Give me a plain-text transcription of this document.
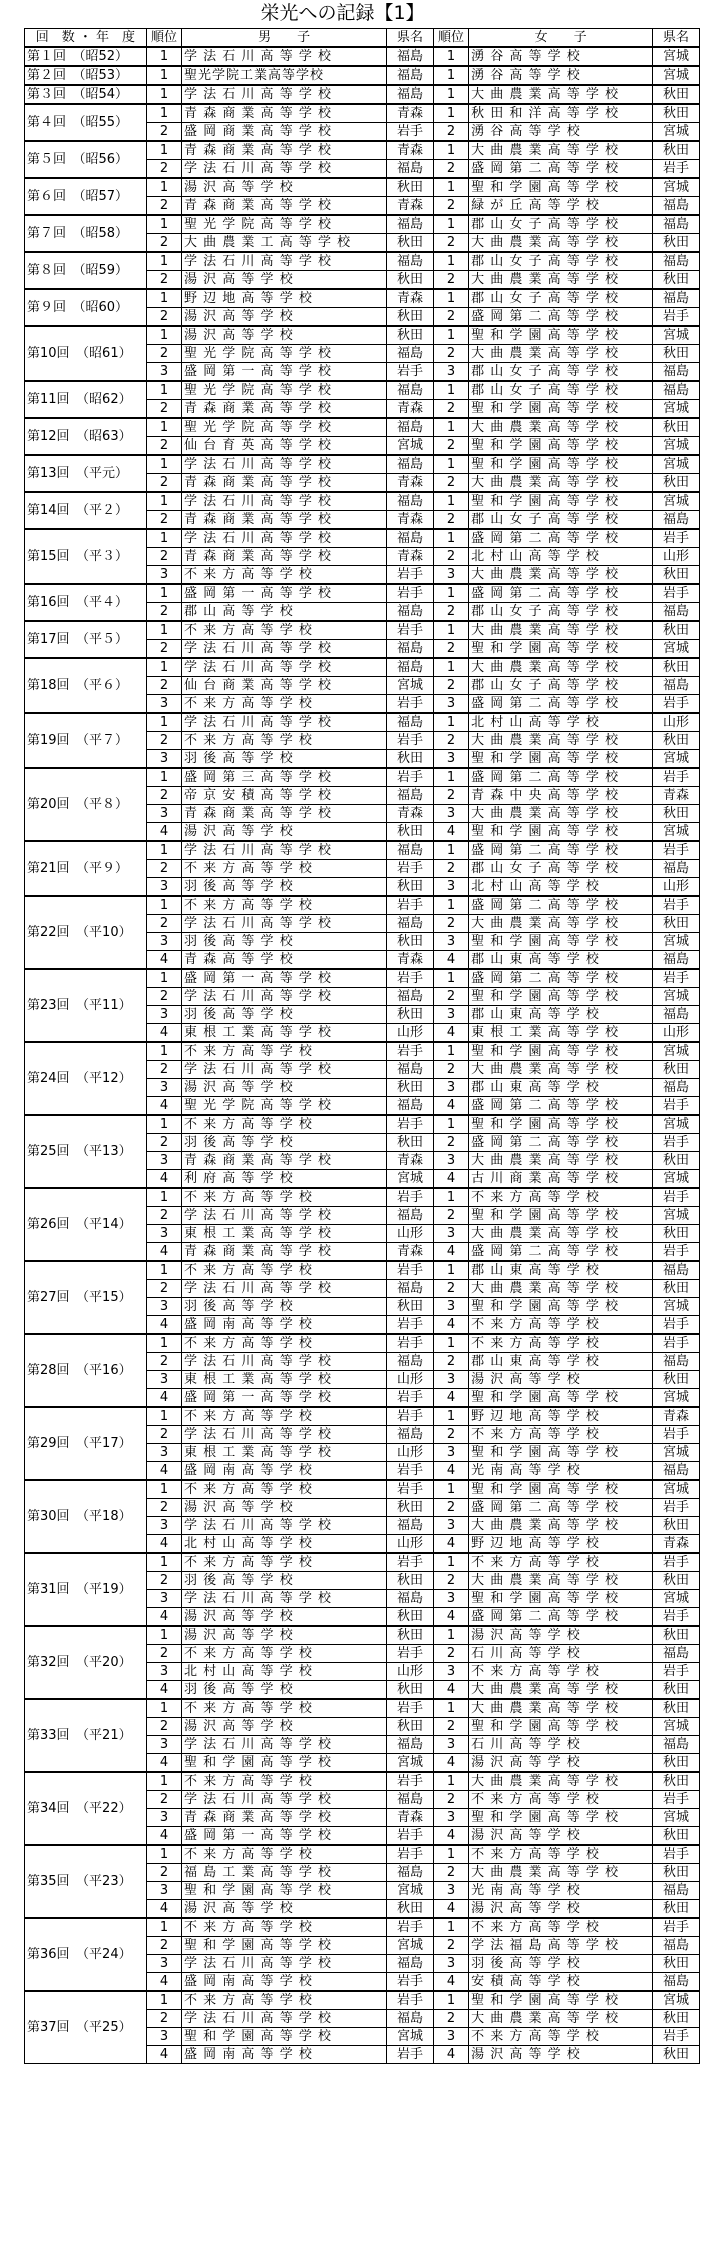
栄光への記録【1】
回　数 ・ 年　度	順位	男　　子	県名	順位	女　　子	県名
第１回　（昭52）	1	学 法 石 川 高 等 学 校	福島	1	湧 谷 高 等 学 校	宮城
第２回　（昭53）	1	聖光学院工業高等学校	福島	1	湧 谷 高 等 学 校	宮城
第３回　（昭54）	1	学 法 石 川 高 等 学 校	福島	1	大 曲 農 業 高 等 学 校	秋田
第４回　（昭55）	1	青 森 商 業 高 等 学 校	青森	1	秋 田 和 洋 高 等 学 校	秋田
	2	盛 岡 商 業 高 等 学 校	岩手	2	湧 谷 高 等 学 校	宮城
第５回　（昭56）	1	青 森 商 業 高 等 学 校	青森	1	大 曲 農 業 高 等 学 校	秋田
	2	学 法 石 川 高 等 学 校	福島	2	盛 岡 第 二 高 等 学 校	岩手
第６回　（昭57）	1	湯 沢 高 等 学 校	秋田	1	聖 和 学 園 高 等 学 校	宮城
	2	青 森 商 業 高 等 学 校	青森	2	緑 が 丘 高 等 学 校	福島
第７回　（昭58）	1	聖 光 学 院 高 等 学 校	福島	1	郡 山 女 子 高 等 学 校	福島
	2	大 曲 農 業 工 高 等 学 校	秋田	2	大 曲 農 業 高 等 学 校	秋田
第８回　（昭59）	1	学 法 石 川 高 等 学 校	福島	1	郡 山 女 子 高 等 学 校	福島
	2	湯 沢 高 等 学 校	秋田	2	大 曲 農 業 高 等 学 校	秋田
第９回　（昭60）	1	野 辺 地 高 等 学 校	青森	1	郡 山 女 子 高 等 学 校	福島
	2	湯 沢 高 等 学 校	秋田	2	盛 岡 第 二 高 等 学 校	岩手
第10回　（昭61）	1	湯 沢 高 等 学 校	秋田	1	聖 和 学 園 高 等 学 校	宮城
	2	聖 光 学 院 高 等 学 校	福島	2	大 曲 農 業 高 等 学 校	秋田
	3	盛 岡 第 一 高 等 学 校	岩手	3	郡 山 女 子 高 等 学 校	福島
第11回　（昭62）	1	聖 光 学 院 高 等 学 校	福島	1	郡 山 女 子 高 等 学 校	福島
	2	青 森 商 業 高 等 学 校	青森	2	聖 和 学 園 高 等 学 校	宮城
第12回　（昭63）	1	聖 光 学 院 高 等 学 校	福島	1	大 曲 農 業 高 等 学 校	秋田
	2	仙 台 育 英 高 等 学 校	宮城	2	聖 和 学 園 高 等 学 校	宮城
第13回　（平元）	1	学 法 石 川 高 等 学 校	福島	1	聖 和 学 園 高 等 学 校	宮城
	2	青 森 商 業 高 等 学 校	青森	2	大 曲 農 業 高 等 学 校	秋田
第14回　（平２）	1	学 法 石 川 高 等 学 校	福島	1	聖 和 学 園 高 等 学 校	宮城
	2	青 森 商 業 高 等 学 校	青森	2	郡 山 女 子 高 等 学 校	福島
第15回　（平３）	1	学 法 石 川 高 等 学 校	福島	1	盛 岡 第 二 高 等 学 校	岩手
	2	青 森 商 業 高 等 学 校	青森	2	北 村 山 高 等 学 校	山形
	3	不 来 方 高 等 学 校	岩手	3	大 曲 農 業 高 等 学 校	秋田
第16回　（平４）	1	盛 岡 第 一 高 等 学 校	岩手	1	盛 岡 第 二 高 等 学 校	岩手
	2	郡 山 高 等 学 校	福島	2	郡 山 女 子 高 等 学 校	福島
第17回　（平５）	1	不 来 方 高 等 学 校	岩手	1	大 曲 農 業 高 等 学 校	秋田
	2	学 法 石 川 高 等 学 校	福島	2	聖 和 学 園 高 等 学 校	宮城
第18回　（平６）	1	学 法 石 川 高 等 学 校	福島	1	大 曲 農 業 高 等 学 校	秋田
	2	仙 台 商 業 高 等 学 校	宮城	2	郡 山 女 子 高 等 学 校	福島
	3	不 来 方 高 等 学 校	岩手	3	盛 岡 第 二 高 等 学 校	岩手
第19回　（平７）	1	学 法 石 川 高 等 学 校	福島	1	北 村 山 高 等 学 校	山形
	2	不 来 方 高 等 学 校	岩手	2	大 曲 農 業 高 等 学 校	秋田
	3	羽 後 高 等 学 校	秋田	3	聖 和 学 園 高 等 学 校	宮城
第20回　（平８）	1	盛 岡 第 三 高 等 学 校	岩手	1	盛 岡 第 二 高 等 学 校	岩手
	2	帝 京 安 積 高 等 学 校	福島	2	青 森 中 央 高 等 学 校	青森
	3	青 森 商 業 高 等 学 校	青森	3	大 曲 農 業 高 等 学 校	秋田
	4	湯 沢 高 等 学 校	秋田	4	聖 和 学 園 高 等 学 校	宮城
第21回　（平９）	1	学 法 石 川 高 等 学 校	福島	1	盛 岡 第 二 高 等 学 校	岩手
	2	不 来 方 高 等 学 校	岩手	2	郡 山 女 子 高 等 学 校	福島
	3	羽 後 高 等 学 校	秋田	3	北 村 山 高 等 学 校	山形
第22回　（平10）	1	不 来 方 高 等 学 校	岩手	1	盛 岡 第 二 高 等 学 校	岩手
	2	学 法 石 川 高 等 学 校	福島	2	大 曲 農 業 高 等 学 校	秋田
	3	羽 後 高 等 学 校	秋田	3	聖 和 学 園 高 等 学 校	宮城
	4	青 森 高 等 学 校	青森	4	郡 山 東 高 等 学 校	福島
第23回　（平11）	1	盛 岡 第 一 高 等 学 校	岩手	1	盛 岡 第 二 高 等 学 校	岩手
	2	学 法 石 川 高 等 学 校	福島	2	聖 和 学 園 高 等 学 校	宮城
	3	羽 後 高 等 学 校	秋田	3	郡 山 東 高 等 学 校	福島
	4	東 根 工 業 高 等 学 校	山形	4	東 根 工 業 高 等 学 校	山形
第24回　（平12）	1	不 来 方 高 等 学 校	岩手	1	聖 和 学 園 高 等 学 校	宮城
	2	学 法 石 川 高 等 学 校	福島	2	大 曲 農 業 高 等 学 校	秋田
	3	湯 沢 高 等 学 校	秋田	3	郡 山 東 高 等 学 校	福島
	4	聖 光 学 院 高 等 学 校	福島	4	盛 岡 第 二 高 等 学 校	岩手
第25回　（平13）	1	不 来 方 高 等 学 校	岩手	1	聖 和 学 園 高 等 学 校	宮城
	2	羽 後 高 等 学 校	秋田	2	盛 岡 第 二 高 等 学 校	岩手
	3	青 森 商 業 高 等 学 校	青森	3	大 曲 農 業 高 等 学 校	秋田
	4	利 府 高 等 学 校	宮城	4	古 川 商 業 高 等 学 校	宮城
第26回　（平14）	1	不 来 方 高 等 学 校	岩手	1	不 来 方 高 等 学 校	岩手
	2	学 法 石 川 高 等 学 校	福島	2	聖 和 学 園 高 等 学 校	宮城
	3	東 根 工 業 高 等 学 校	山形	3	大 曲 農 業 高 等 学 校	秋田
	4	青 森 商 業 高 等 学 校	青森	4	盛 岡 第 二 高 等 学 校	岩手
第27回　（平15）	1	不 来 方 高 等 学 校	岩手	1	郡 山 東 高 等 学 校	福島
	2	学 法 石 川 高 等 学 校	福島	2	大 曲 農 業 高 等 学 校	秋田
	3	羽 後 高 等 学 校	秋田	3	聖 和 学 園 高 等 学 校	宮城
	4	盛 岡 南 高 等 学 校	岩手	4	不 来 方 高 等 学 校	岩手
第28回　（平16）	1	不 来 方 高 等 学 校	岩手	1	不 来 方 高 等 学 校	岩手
	2	学 法 石 川 高 等 学 校	福島	2	郡 山 東 高 等 学 校	福島
	3	東 根 工 業 高 等 学 校	山形	3	湯 沢 高 等 学 校	秋田
	4	盛 岡 第 一 高 等 学 校	岩手	4	聖 和 学 園 高 等 学 校	宮城
第29回　（平17）	1	不 来 方 高 等 学 校	岩手	1	野 辺 地 高 等 学 校	青森
	2	学 法 石 川 高 等 学 校	福島	2	不 来 方 高 等 学 校	岩手
	3	東 根 工 業 高 等 学 校	山形	3	聖 和 学 園 高 等 学 校	宮城
	4	盛 岡 南 高 等 学 校	岩手	4	光 南 高 等 学 校	福島
第30回　（平18）	1	不 来 方 高 等 学 校	岩手	1	聖 和 学 園 高 等 学 校	宮城
	2	湯 沢 高 等 学 校	秋田	2	盛 岡 第 二 高 等 学 校	岩手
	3	学 法 石 川 高 等 学 校	福島	3	大 曲 農 業 高 等 学 校	秋田
	4	北 村 山 高 等 学 校	山形	4	野 辺 地 高 等 学 校	青森
第31回　（平19）	1	不 来 方 高 等 学 校	岩手	1	不 来 方 高 等 学 校	岩手
	2	羽 後 高 等 学 校	秋田	2	大 曲 農 業 高 等 学 校	秋田
	3	学 法 石 川 高 等 学 校	福島	3	聖 和 学 園 高 等 学 校	宮城
	4	湯 沢 高 等 学 校	秋田	4	盛 岡 第 二 高 等 学 校	岩手
第32回　（平20）	1	湯 沢 高 等 学 校	秋田	1	湯 沢 高 等 学 校	秋田
	2	不 来 方 高 等 学 校	岩手	2	石 川 高 等 学 校	福島
	3	北 村 山 高 等 学 校	山形	3	不 来 方 高 等 学 校	岩手
	4	羽 後 高 等 学 校	秋田	4	大 曲 農 業 高 等 学 校	秋田
第33回　（平21）	1	不 来 方 高 等 学 校	岩手	1	大 曲 農 業 高 等 学 校	秋田
	2	湯 沢 高 等 学 校	秋田	2	聖 和 学 園 高 等 学 校	宮城
	3	学 法 石 川 高 等 学 校	福島	3	石 川 高 等 学 校	福島
	4	聖 和 学 園 高 等 学 校	宮城	4	湯 沢 高 等 学 校	秋田
第34回　（平22）	1	不 来 方 高 等 学 校	岩手	1	大 曲 農 業 高 等 学 校	秋田
	2	学 法 石 川 高 等 学 校	福島	2	不 来 方 高 等 学 校	岩手
	3	青 森 商 業 高 等 学 校	青森	3	聖 和 学 園 高 等 学 校	宮城
	4	盛 岡 第 一 高 等 学 校	岩手	4	湯 沢 高 等 学 校	秋田
第35回　（平23）	1	不 来 方 高 等 学 校	岩手	1	不 来 方 高 等 学 校	岩手
	2	福 島 工 業 高 等 学 校	福島	2	大 曲 農 業 高 等 学 校	秋田
	3	聖 和 学 園 高 等 学 校	宮城	3	光 南 高 等 学 校	福島
	4	湯 沢 高 等 学 校	秋田	4	湯 沢 高 等 学 校	秋田
第36回　（平24）	1	不 来 方 高 等 学 校	岩手	1	不 来 方 高 等 学 校	岩手
	2	聖 和 学 園 高 等 学 校	宮城	2	学 法 福 島 高 等 学 校	福島
	3	学 法 石 川 高 等 学 校	福島	3	羽 後 高 等 学 校	秋田
	4	盛 岡 南 高 等 学 校	岩手	4	安 積 高 等 学 校	福島
第37回　（平25）	1	不 来 方 高 等 学 校	岩手	1	聖 和 学 園 高 等 学 校	宮城
	2	学 法 石 川 高 等 学 校	福島	2	大 曲 農 業 高 等 学 校	秋田
	3	聖 和 学 園 高 等 学 校	宮城	3	不 来 方 高 等 学 校	岩手
	4	盛 岡 南 高 等 学 校	岩手	4	湯 沢 高 等 学 校	秋田
